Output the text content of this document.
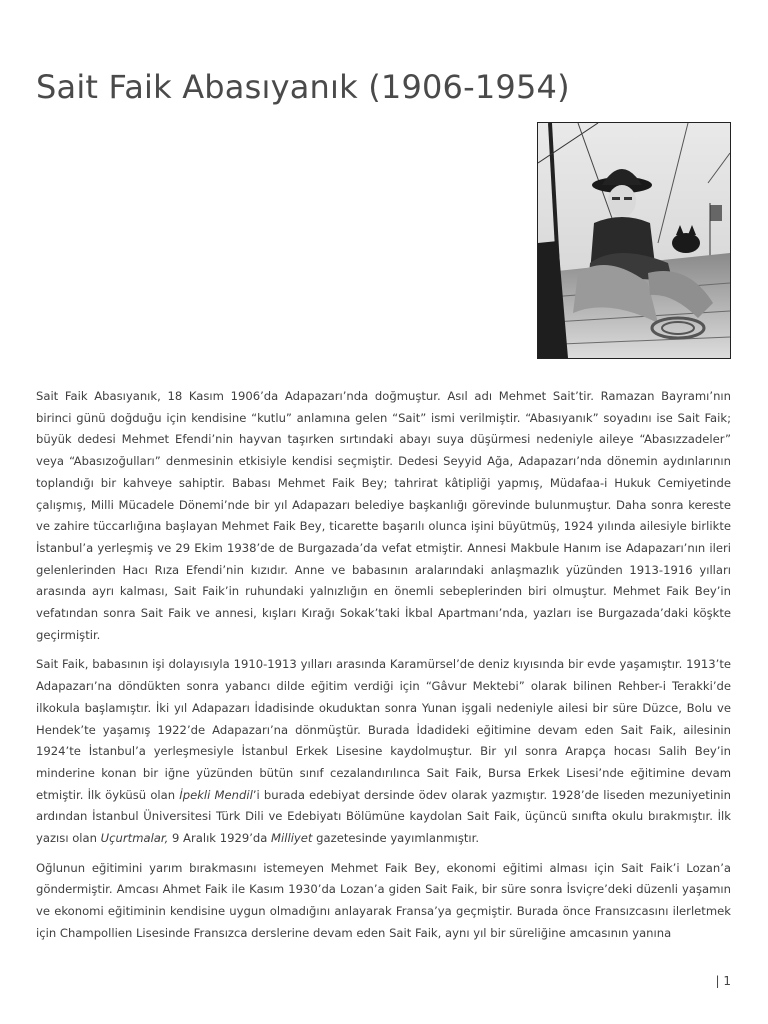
Sait Faik Abasıyanık (1906-1954)

Sait Faik Abasıyanık, 18 Kasım 1906’da Adapazarı’nda doğmuştur. Asıl adı Mehmet Sait’tir. Ramazan Bayramı’nın birinci günü doğduğu için kendisine “kutlu” anlamına gelen “Sait” ismi verilmiştir. “Abasıyanık” soyadını ise Sait Faik; büyük dedesi Mehmet Efendi’nin hayvan taşırken sırtındaki abayı suya düşürmesi nedeniyle aileye “Abasızzadeler” veya “Abasızoğulları” denmesinin etkisiyle kendisi seçmiştir. Dedesi Seyyid Ağa, Adapazarı’nda dönemin aydınlarının toplandığı bir kahveye sahiptir. Babası Mehmet Faik Bey; tahrirat kâtipliği yapmış, Müdafaa-i Hukuk Cemiyetinde çalışmış, Milli Mücadele Dönemi’nde bir yıl Adapazarı belediye başkanlığı görevinde bulunmuştur. Daha sonra kereste ve zahire tüccarlığına başlayan Mehmet Faik Bey, ticarette başarılı olunca işini büyütmüş, 1924 yılında ailesiyle birlikte İstanbul’a yerleşmiş ve 29 Ekim 1938’de de Burgazada’da vefat etmiştir. Annesi Makbule Hanım ise Adapazarı’nın ileri gelenlerinden Hacı Rıza Efendi’nin kızıdır. Anne ve babasının aralarındaki anlaşmazlık yüzünden 1913-1916 yılları arasında ayrı kalması, Sait Faik’in ruhundaki yalnızlığın en önemli sebeplerinden biri olmuştur. Mehmet Faik Bey’in vefatından sonra Sait Faik ve annesi, kışları Kırağı Sokak’taki İkbal Apartmanı’nda, yazları ise Burgazada’daki köşkte geçirmiştir.

Sait Faik, babasının işi dolayısıyla 1910-1913 yılları arasında Karamürsel’de deniz kıyısında bir evde yaşamıştır. 1913’te Adapazarı’na döndükten sonra yabancı dilde eğitim verdiği için “Gâvur Mektebi” olarak bilinen Rehber-i Terakki’de ilkokula başlamıştır. İki yıl Adapazarı İdadisinde okuduktan sonra Yunan işgali nedeniyle ailesi bir süre Düzce, Bolu ve Hendek’te yaşamış 1922’de Adapazarı’na dönmüştür. Burada İdadideki eğitimine devam eden Sait Faik, ailesinin 1924’te İstanbul’a yerleşmesiyle İstanbul Erkek Lisesine kaydolmuştur. Bir yıl sonra Arapça hocası Salih Bey’in minderine konan bir iğne yüzünden bütün sınıf cezalandırılınca Sait Faik, Bursa Erkek Lisesi’nde eğitimine devam etmiştir. İlk öyküsü olan İpekli Mendil’i burada edebiyat dersinde ödev olarak yazmıştır. 1928’de liseden mezuniyetinin ardından İstanbul Üniversitesi Türk Dili ve Edebiyatı Bölümüne kaydolan Sait Faik, üçüncü sınıfta okulu bırakmıştır. İlk yazısı olan Uçurtmalar, 9 Aralık 1929’da Milliyet gazetesinde yayımlanmıştır.

Oğlunun eğitimini yarım bırakmasını istemeyen Mehmet Faik Bey, ekonomi eğitimi alması için Sait Faik’i Lozan’a göndermiştir. Amcası Ahmet Faik ile Kasım 1930’da Lozan’a giden Sait Faik, bir süre sonra İsviçre’deki düzenli yaşamın ve ekonomi eğitiminin kendisine uygun olmadığını anlayarak Fransa’ya geçmiştir. Burada önce Fransızcasını ilerletmek için Champollien Lisesinde Fransızca derslerine devam eden Sait Faik, aynı yıl bir süreliğine amcasının yanına

| 1
